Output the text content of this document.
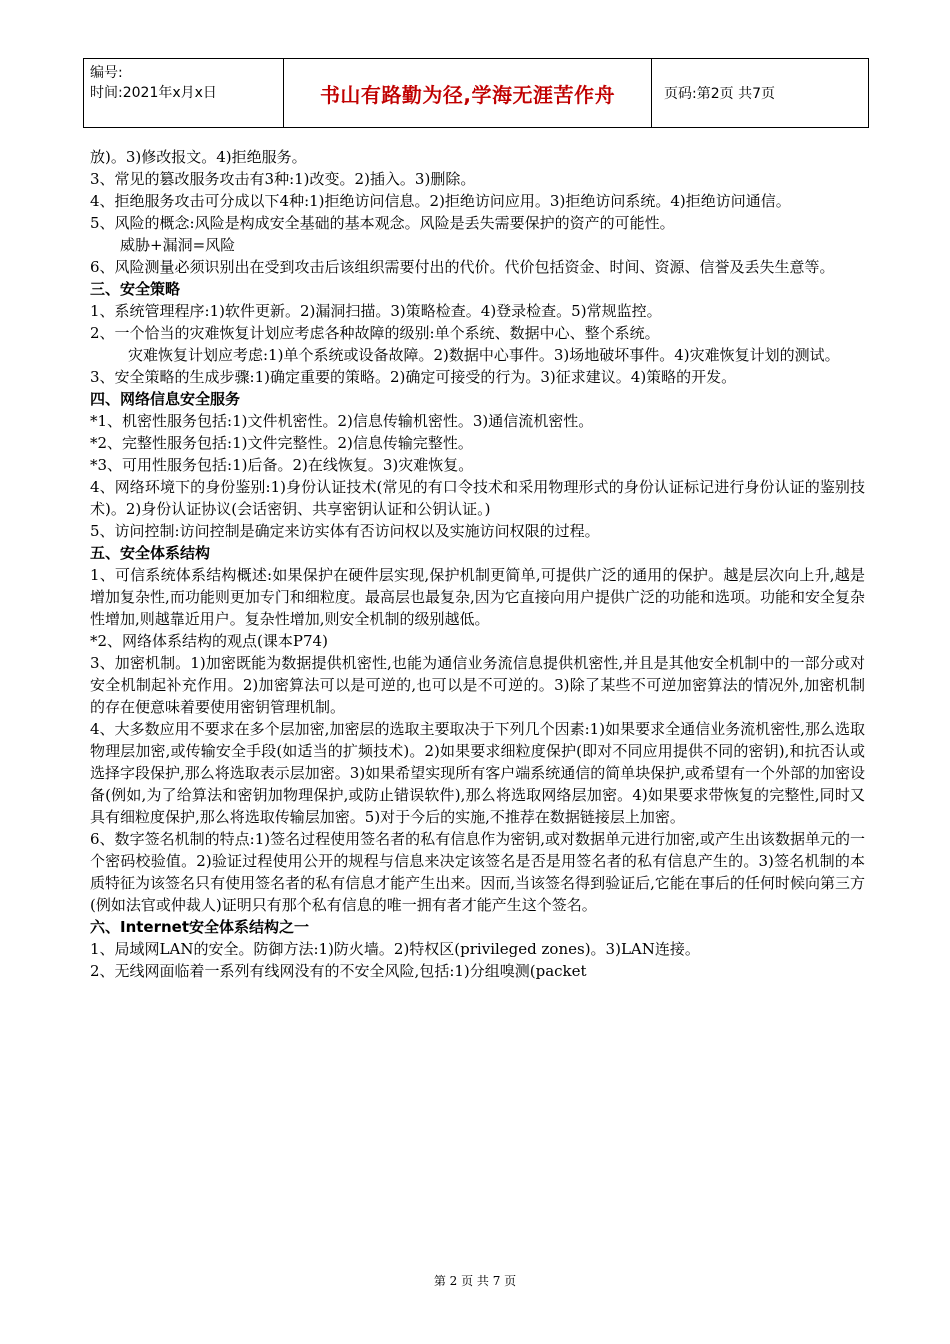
编号:
时间:2021年x月x日	书山有路勤为径,学海无涯苦作舟	页码:第2页 共7页

放)。3)修改报文。4)拒绝服务。

3、常见的篡改服务攻击有3种:1)改变。2)插入。3)删除。

4、拒绝服务攻击可分成以下4种:1)拒绝访问信息。2)拒绝访问应用。3)拒绝访问系统。4)拒绝访问通信。

5、风险的概念:风险是构成安全基础的基本观念。风险是丢失需要保护的资产的可能性。

威胁+漏洞=风险

6、风险测量必须识别出在受到攻击后该组织需要付出的代价。代价包括资金、时间、资源、信誉及丢失生意等。

三、安全策略

1、系统管理程序:1)软件更新。2)漏洞扫描。3)策略检查。4)登录检查。5)常规监控。

2、一个恰当的灾难恢复计划应考虑各种故障的级别:单个系统、数据中心、整个系统。

灾难恢复计划应考虑:1)单个系统或设备故障。2)数据中心事件。3)场地破坏事件。4)灾难恢复计划的测试。

3、安全策略的生成步骤:1)确定重要的策略。2)确定可接受的行为。3)征求建议。4)策略的开发。

四、网络信息安全服务

*1、机密性服务包括:1)文件机密性。2)信息传输机密性。3)通信流机密性。

*2、完整性服务包括:1)文件完整性。2)信息传输完整性。

*3、可用性服务包括:1)后备。2)在线恢复。3)灾难恢复。

4、网络环境下的身份鉴别:1)身份认证技术(常见的有口令技术和采用物理形式的身份认证标记进行身份认证的鉴别技术)。2)身份认证协议(会话密钥、共享密钥认证和公钥认证。)

5、访问控制:访问控制是确定来访实体有否访问权以及实施访问权限的过程。

五、安全体系结构

1、可信系统体系结构概述:如果保护在硬件层实现,保护机制更简单,可提供广泛的通用的保护。越是层次向上升,越是增加复杂性,而功能则更加专门和细粒度。最高层也最复杂,因为它直接向用户提供广泛的功能和选项。功能和安全复杂性增加,则越靠近用户。复杂性增加,则安全机制的级别越低。

*2、网络体系结构的观点(课本P74)

3、加密机制。1)加密既能为数据提供机密性,也能为通信业务流信息提供机密性,并且是其他安全机制中的一部分或对安全机制起补充作用。2)加密算法可以是可逆的,也可以是不可逆的。3)除了某些不可逆加密算法的情况外,加密机制的存在便意味着要使用密钥管理机制。

4、大多数应用不要求在多个层加密,加密层的选取主要取决于下列几个因素:1)如果要求全通信业务流机密性,那么选取物理层加密,或传输安全手段(如适当的扩频技术)。2)如果要求细粒度保护(即对不同应用提供不同的密钥),和抗否认或选择字段保护,那么将选取表示层加密。3)如果希望实现所有客户端系统通信的简单块保护,或希望有一个外部的加密设备(例如,为了给算法和密钥加物理保护,或防止错误软件),那么将选取网络层加密。4)如果要求带恢复的完整性,同时又具有细粒度保护,那么将选取传输层加密。5)对于今后的实施,不推荐在数据链接层上加密。

6、数字签名机制的特点:1)签名过程使用签名者的私有信息作为密钥,或对数据单元进行加密,或产生出该数据单元的一个密码校验值。2)验证过程使用公开的规程与信息来决定该签名是否是用签名者的私有信息产生的。3)签名机制的本质特征为该签名只有使用签名者的私有信息才能产生出来。因而,当该签名得到验证后,它能在事后的任何时候向第三方(例如法官或仲裁人)证明只有那个私有信息的唯一拥有者才能产生这个签名。

六、Internet安全体系结构之一

1、局域网LAN的安全。防御方法:1)防火墙。2)特权区(privileged zones)。3)LAN连接。

2、无线网面临着一系列有线网没有的不安全风险,包括:1)分组嗅测(packet

第 2 页 共 7 页
